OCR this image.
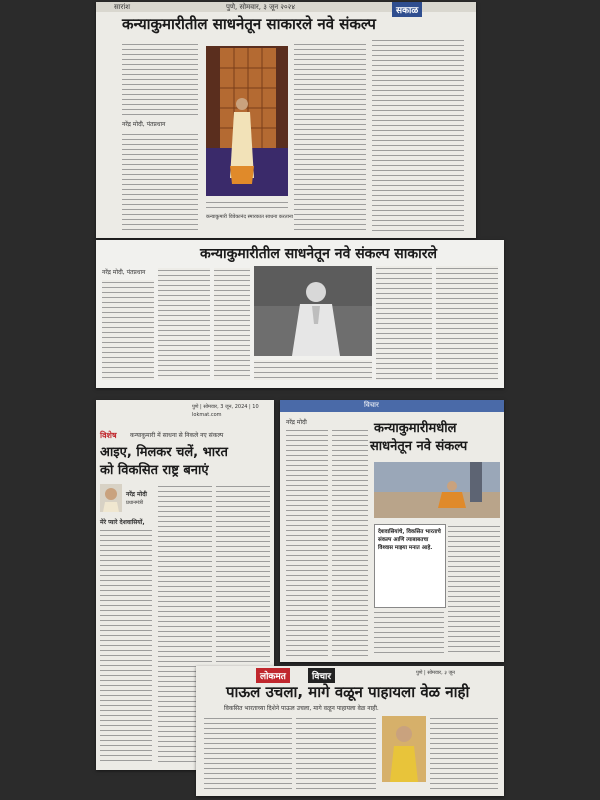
सारांश	पुणे, सोमवार, ३ जून २०२४	सकाळ
कन्याकुमारीतील साधनेतून साकारले नवे संकल्प
नरेंद्र मोदी, पंतप्रधान
कन्याकुमारी विवेकानंद स्मारकात साधना करताना
कन्याकुमारीतील साधनेतून नवे संकल्प साकारले
नरेंद्र मोदी, पंतप्रधान
पुणे | सोमवार, 3 जून, 2024 | 10
lokmat.com
विशेष कन्याकुमारी में साधना से निकले नए संकल्प
आइए, मिलकर चलें, भारत
को विकसित राष्ट्र बनाएं
नरेंद्र मोदी
प्रधानमंत्री
मेरे प्यारे देशवासियों,
विचार
नरेंद्र मोदी	कन्याकुमारीमधील
साधनेतून नवे संकल्प
देशवासियांचे, विकसित भारताचे संकल्प आणि त्याबाबतचा विश्वास माझ्या मनात आहे.
लोकमत	विचार	पुणे | सोमवार, ३ जून
पाऊल उचला, मागे वळून पाहायला वेळ नाही
विकसित भारताच्या दिशेने पाऊल उचला, मागे वळून पाहायला वेळ नाही.
